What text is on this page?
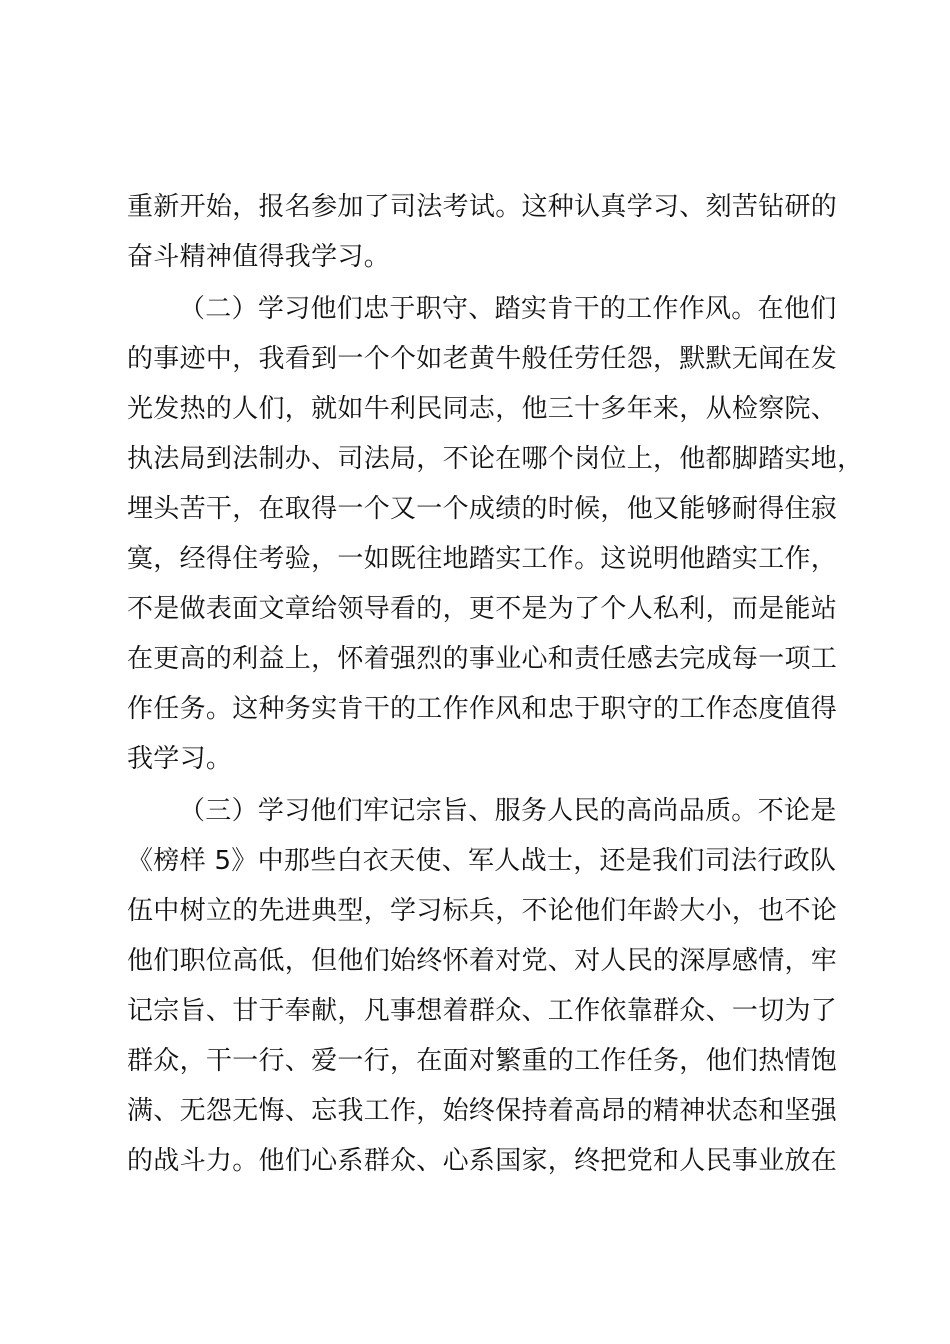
重新开始，报名参加了司法考试。这种认真学习、刻苦钻研的
奋斗精神值得我学习。
（二）学习他们忠于职守、踏实肯干的工作作风。在他们
的事迹中，我看到一个个如老黄牛般任劳任怨，默默无闻在发
光发热的人们，就如牛利民同志，他三十多年来，从检察院、
执法局到法制办、司法局，不论在哪个岗位上，他都脚踏实地，
埋头苦干，在取得一个又一个成绩的时候，他又能够耐得住寂
寞，经得住考验，一如既往地踏实工作。这说明他踏实工作，
不是做表面文章给领导看的，更不是为了个人私利，而是能站
在更高的利益上，怀着强烈的事业心和责任感去完成每一项工
作任务。这种务实肯干的工作作风和忠于职守的工作态度值得
我学习。
（三）学习他们牢记宗旨、服务人民的高尚品质。不论是
《榜样 5》中那些白衣天使、军人战士，还是我们司法行政队
伍中树立的先进典型，学习标兵，不论他们年龄大小，也不论
他们职位高低，但他们始终怀着对党、对人民的深厚感情，牢
记宗旨、甘于奉献，凡事想着群众、工作依靠群众、一切为了
群众，干一行、爱一行，在面对繁重的工作任务，他们热情饱
满、无怨无悔、忘我工作，始终保持着高昂的精神状态和坚强
的战斗力。他们心系群众、心系国家，终把党和人民事业放在
